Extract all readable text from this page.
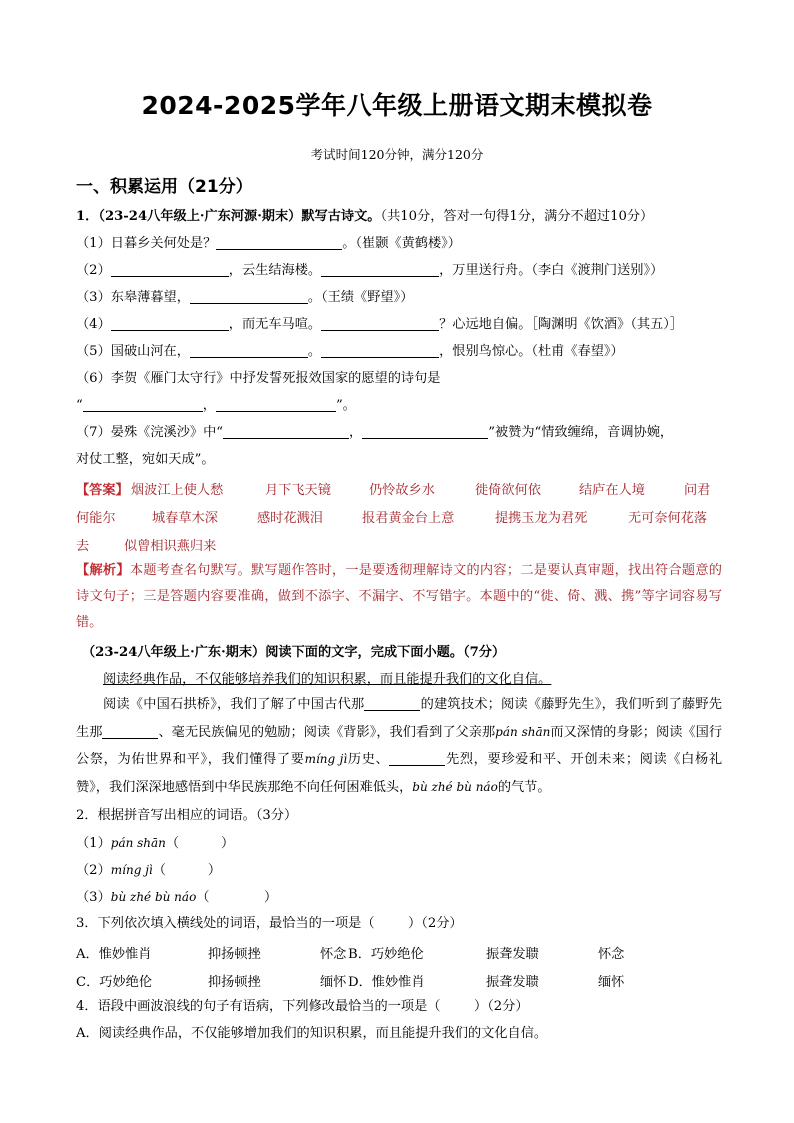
2024-2025学年八年级上册语文期末模拟卷
考试时间120分钟，满分120分
一、积累运用（21分）
1．（23-24八年级上·广东河源·期末）默写古诗文。（共10分，答对一句得1分，满分不超过10分）
（1）日暮乡关何处是？	。（崔颢《黄鹤楼》）
（2）	，云生结海楼。	，万里送行舟。（李白《渡荆门送别》）
（3）东皋薄暮望，	。（王绩《野望》）
（4）	，而无车马喧。	？心远地自偏。［陶渊明《饮酒》（其五）］
（5）国破山河在，	。	，恨别鸟惊心。（杜甫《春望》）
（6）李贺《雁门太守行》中抒发誓死报效国家的愿望的诗句是
“	，	”。
（7）晏殊《浣溪沙》中“	，	”被赞为“情致缠绵，音调协婉，
对仗工整，宛如天成”。
【答案】 烟波江上使人愁	月下飞天镜	仍怜故乡水	徙倚欲何依	结庐在人境	问君
何能尔	城春草木深	感时花溅泪	报君黄金台上意	提携玉龙为君死	无可奈何花落
去	似曾相识燕归来
【解析】本题考查名句默写。默写题作答时，一是要透彻理解诗文的内容；二是要认真审题，找出符合题意的诗文句子；三是答题内容要准确，做到不添字、不漏字、不写错字。本题中的“徙、倚、溅、携”等字词容易写错。
（23-24八年级上·广东·期末）阅读下面的文字，完成下面小题。（7分）
阅读经典作品，不仅能够培养我们的知识积累，而且能提升我们的文化自信。
阅读《中国石拱桥》，我们了解了中国古代那	的建筑技术；阅读《藤野先生》，我们听到了藤野先生那	、毫无民族偏见的勉励；阅读《背影》，我们看到了父亲那pán shān而又深情的身影；阅读《国行公祭，为佑世界和平》，我们懂得了要míng jì历史、	先烈，要珍爱和平、开创未来；阅读《白杨礼赞》，我们深深地感悟到中华民族那绝不向任何困难低头，bù zhé bù náo的气节。
2．根据拼音写出相应的词语。（3分）
（1）pán shān（          ）
（2）míng jì（          ）
（3）bù zhé bù náo（             ）
3．下列依次填入横线处的词语，最恰当的一项是（        ）（2分）
A．惟妙惟肖	抑扬顿挫	怀念 B．巧妙绝伦	振聋发聩	怀念
C．巧妙绝伦	抑扬顿挫	缅怀 D．惟妙惟肖	振聋发聩	缅怀
4．语段中画波浪线的句子有语病，下列修改最恰当的一项是（        ）（2分）
A．阅读经典作品，不仅能够增加我们的知识积累，而且能提升我们的文化自信。
